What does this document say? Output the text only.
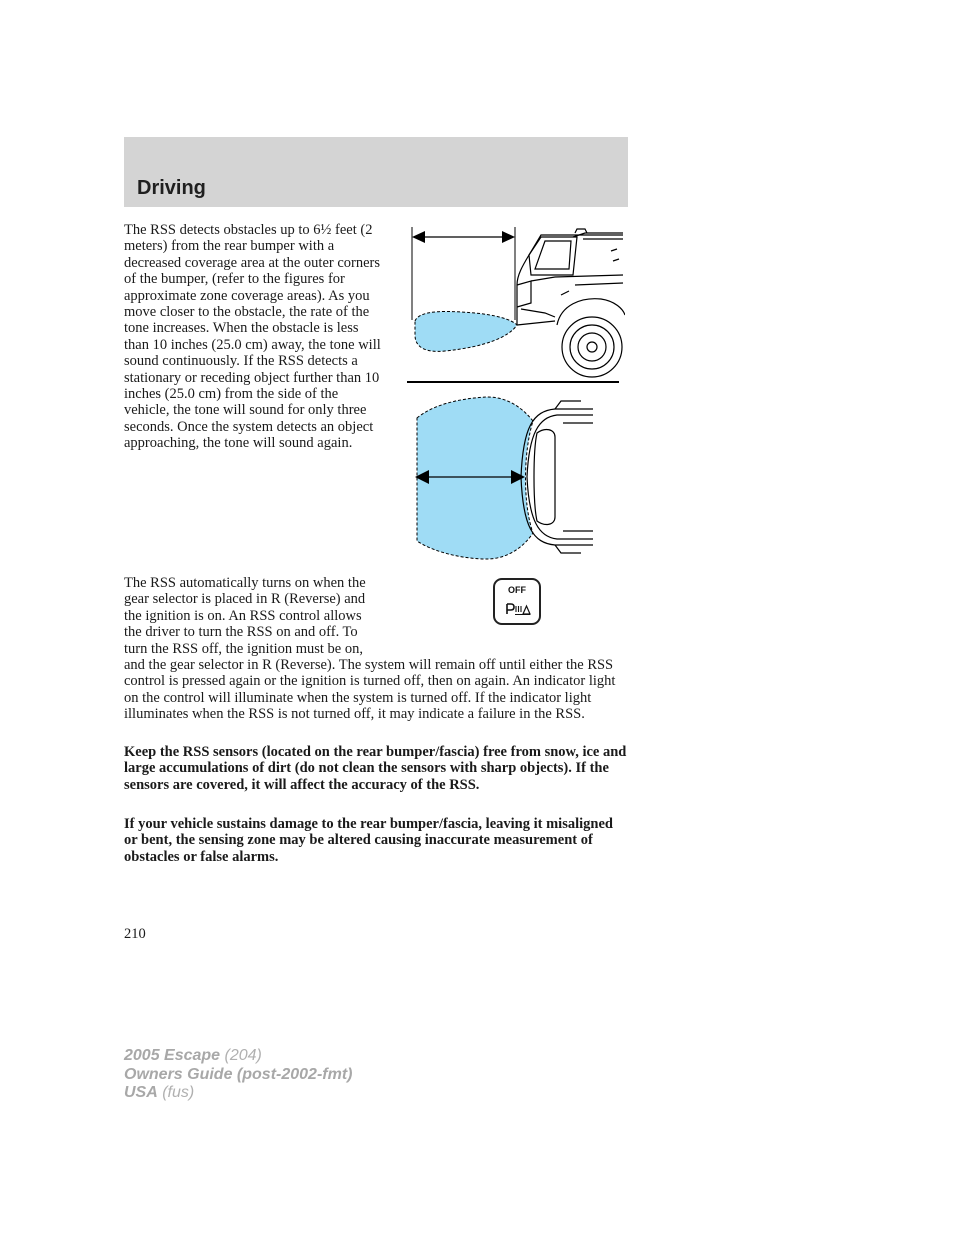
Driving

The RSS detects obstacles up to 6½ feet (2 meters) from the rear bumper with a decreased coverage area at the outer corners of the bumper, (refer to the figures for approximate zone coverage areas). As you move closer to the obstacle, the rate of the tone increases. When the obstacle is less than 10 inches (25.0 cm) away, the tone will sound continuously. If the RSS detects a stationary or receding object further than 10 inches (25.0 cm) from the side of the vehicle, the tone will sound for only three seconds. Once the system detects an object approaching, the tone will sound again.

OFF
The RSS automatically turns on when the gear selector is placed in R (Reverse) and the ignition is on. An RSS control allows the driver to turn the RSS on and off. To turn the RSS off, the ignition must be on, and the gear selector in R (Reverse). The system will remain off until either the RSS control is pressed again or the ignition is turned off, then on again. An indicator light on the control will illuminate when the system is turned off. If the indicator light illuminates when the RSS is not turned off, it may indicate a failure in the RSS.

Keep the RSS sensors (located on the rear bumper/fascia) free from snow, ice and large accumulations of dirt (do not clean the sensors with sharp objects). If the sensors are covered, it will affect the accuracy of the RSS.

If your vehicle sustains damage to the rear bumper/fascia, leaving it misaligned or bent, the sensing zone may be altered causing inaccurate measurement of obstacles or false alarms.

210
2005 Escape (204)
Owners Guide (post-2002-fmt)
USA (fus)
